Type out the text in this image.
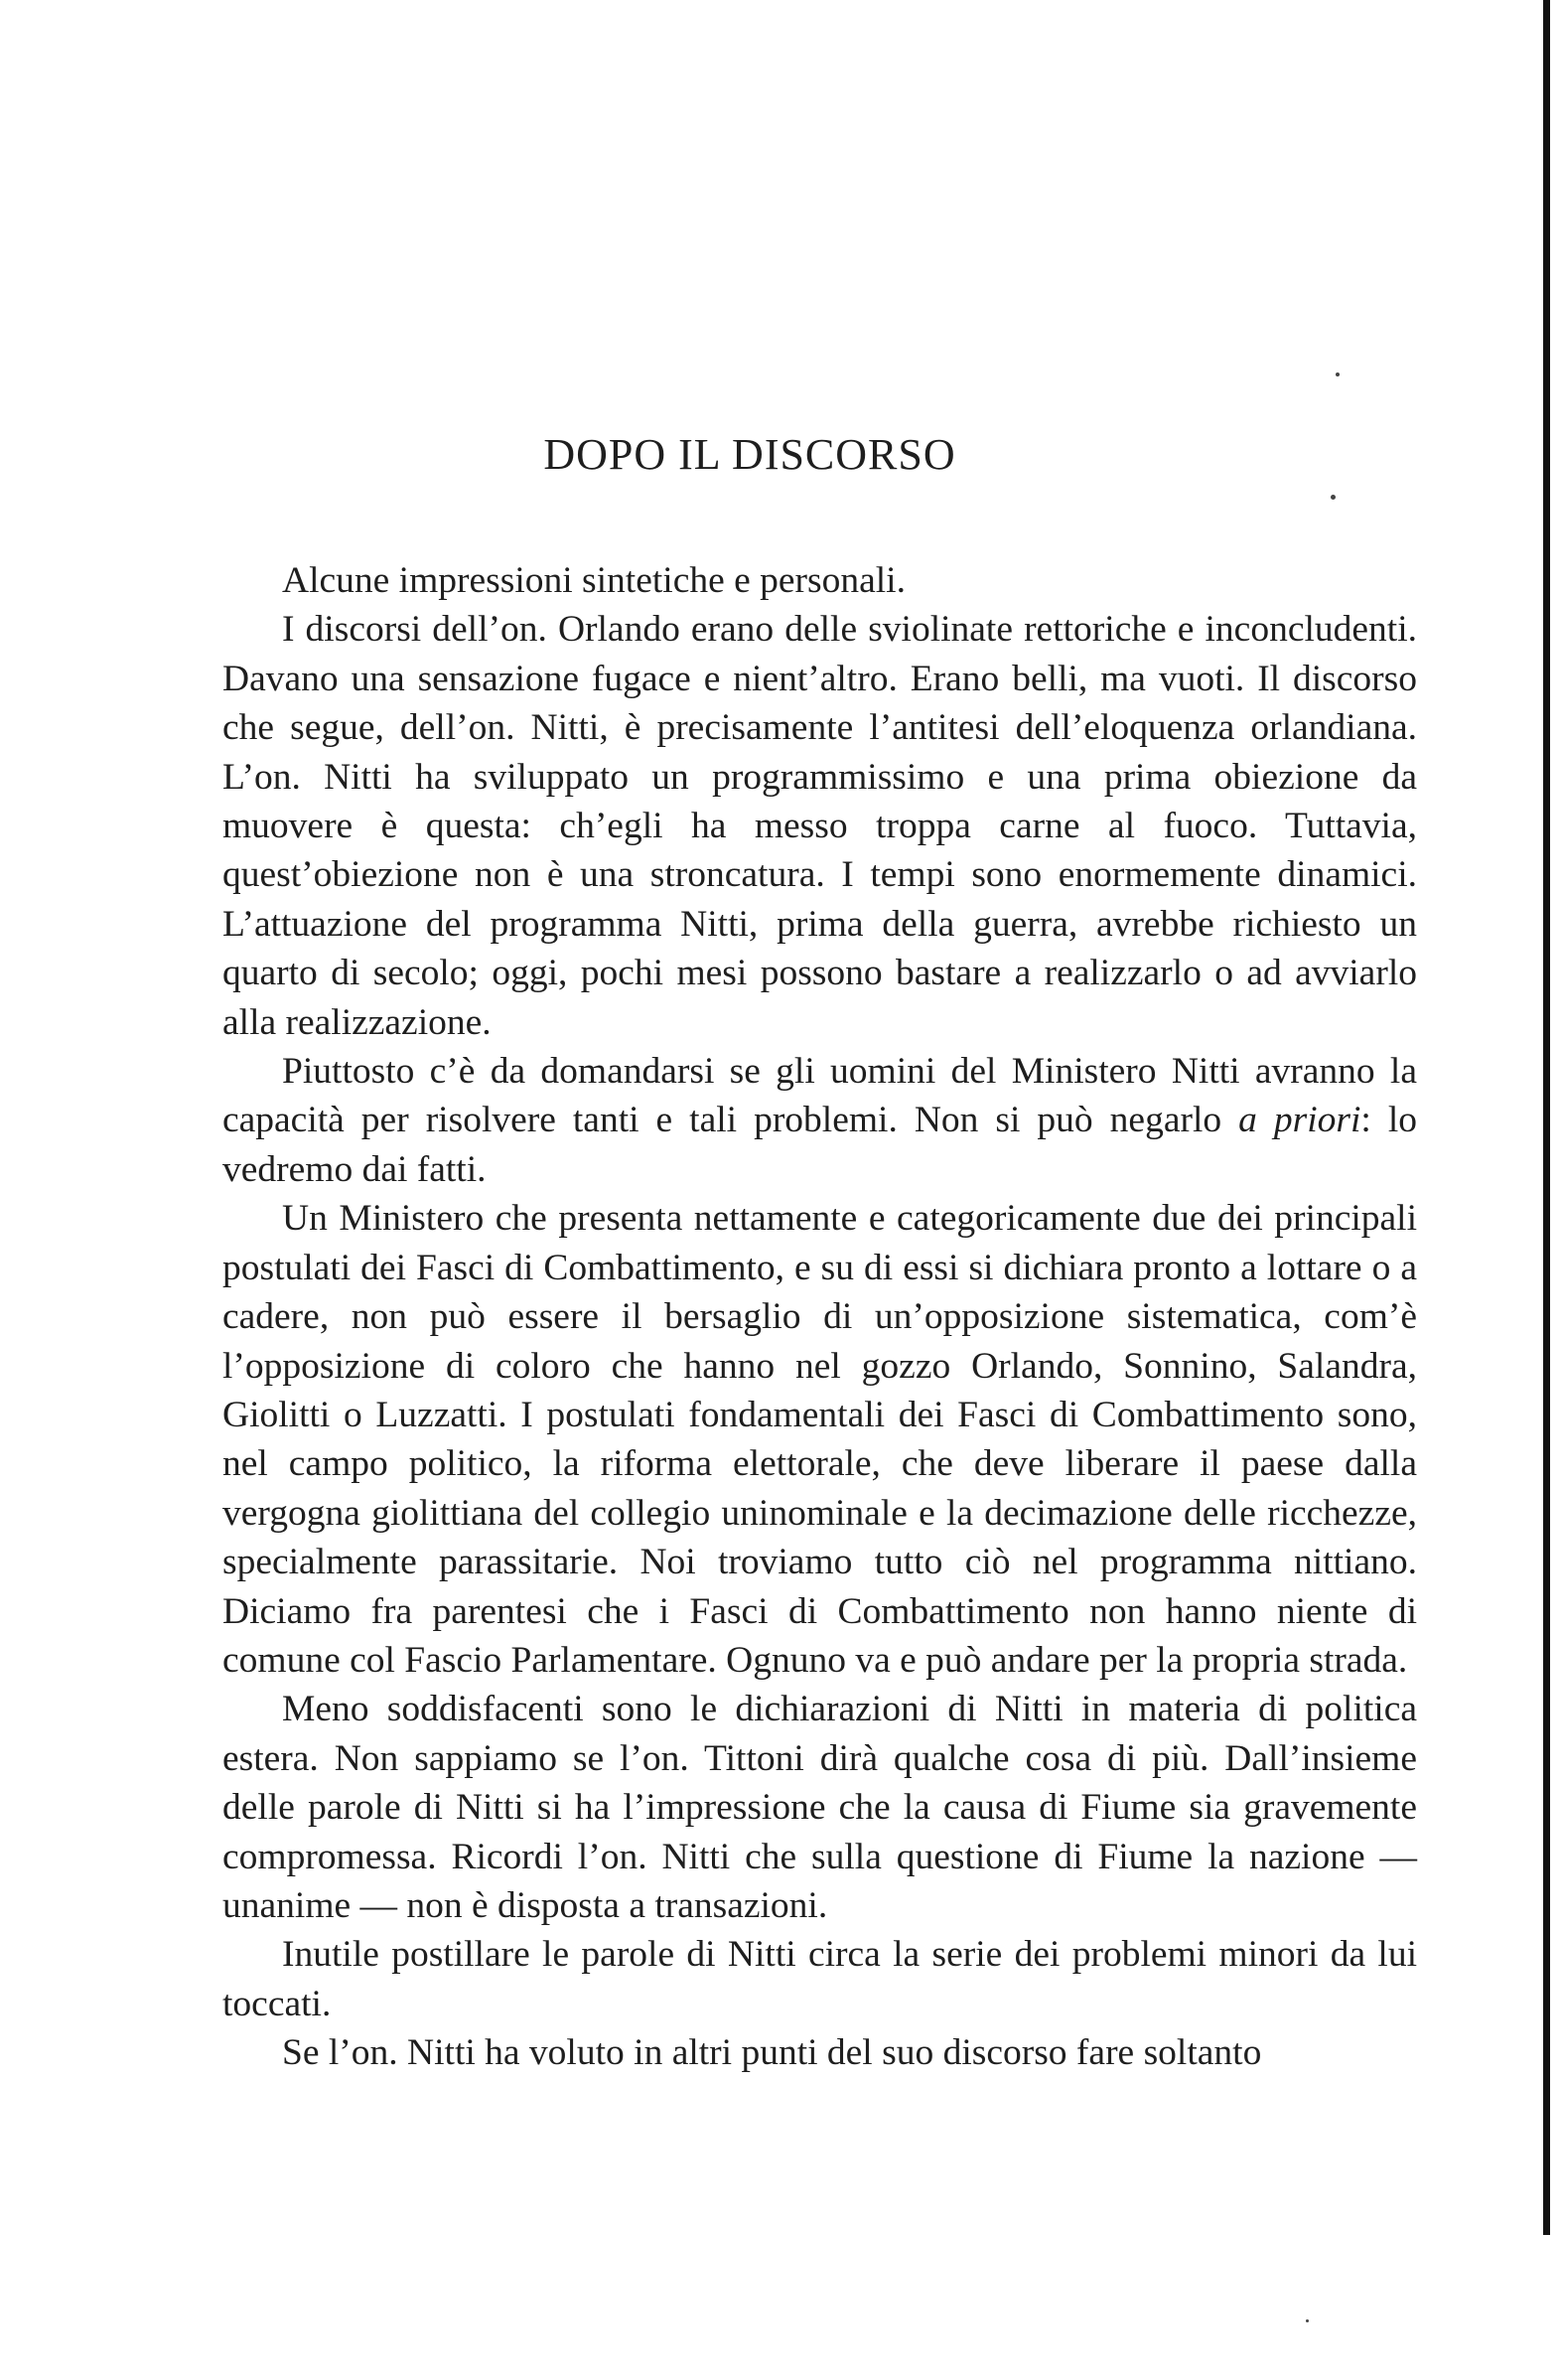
DOPO IL DISCORSO

Alcune impressioni sintetiche e personali.

I discorsi dell’on. Orlando erano delle sviolinate rettoriche e inconcludenti. Davano una sensazione fugace e nient’altro. Erano belli, ma vuoti. Il discorso che segue, dell’on. Nitti, è precisamente l’antitesi dell’eloquenza orlandiana. L’on. Nitti ha sviluppato un programmissimo e una prima obiezione da muovere è questa: ch’egli ha messo troppa carne al fuoco. Tuttavia, quest’obiezione non è una stroncatura. I tempi sono enormemente dinamici. L’attuazione del programma Nitti, prima della guerra, avrebbe richiesto un quarto di secolo; oggi, pochi mesi possono bastare a realizzarlo o ad avviarlo alla realizzazione.

Piuttosto c’è da domandarsi se gli uomini del Ministero Nitti avranno la capacità per risolvere tanti e tali problemi. Non si può negarlo a priori: lo vedremo dai fatti.

Un Ministero che presenta nettamente e categoricamente due dei principali postulati dei Fasci di Combattimento, e su di essi si dichiara pronto a lottare o a cadere, non può essere il bersaglio di un’opposizione sistematica, com’è l’opposizione di coloro che hanno nel gozzo Orlando, Sonnino, Salandra, Giolitti o Luzzatti. I postulati fondamentali dei Fasci di Combattimento sono, nel campo politico, la riforma elettorale, che deve liberare il paese dalla vergogna giolittiana del collegio uninominale e la decimazione delle ricchezze, specialmente parassitarie. Noi troviamo tutto ciò nel programma nittiano. Diciamo fra parentesi che i Fasci di Combattimento non hanno niente di comune col Fascio Parlamentare. Ognuno va e può andare per la propria strada.

Meno soddisfacenti sono le dichiarazioni di Nitti in materia di politica estera. Non sappiamo se l’on. Tittoni dirà qualche cosa di più. Dall’insieme delle parole di Nitti si ha l’impressione che la causa di Fiume sia gravemente compromessa. Ricordi l’on. Nitti che sulla questione di Fiume la nazione — unanime — non è disposta a transazioni.

Inutile postillare le parole di Nitti circa la serie dei problemi minori da lui toccati.

Se l’on. Nitti ha voluto in altri punti del suo discorso fare soltanto
